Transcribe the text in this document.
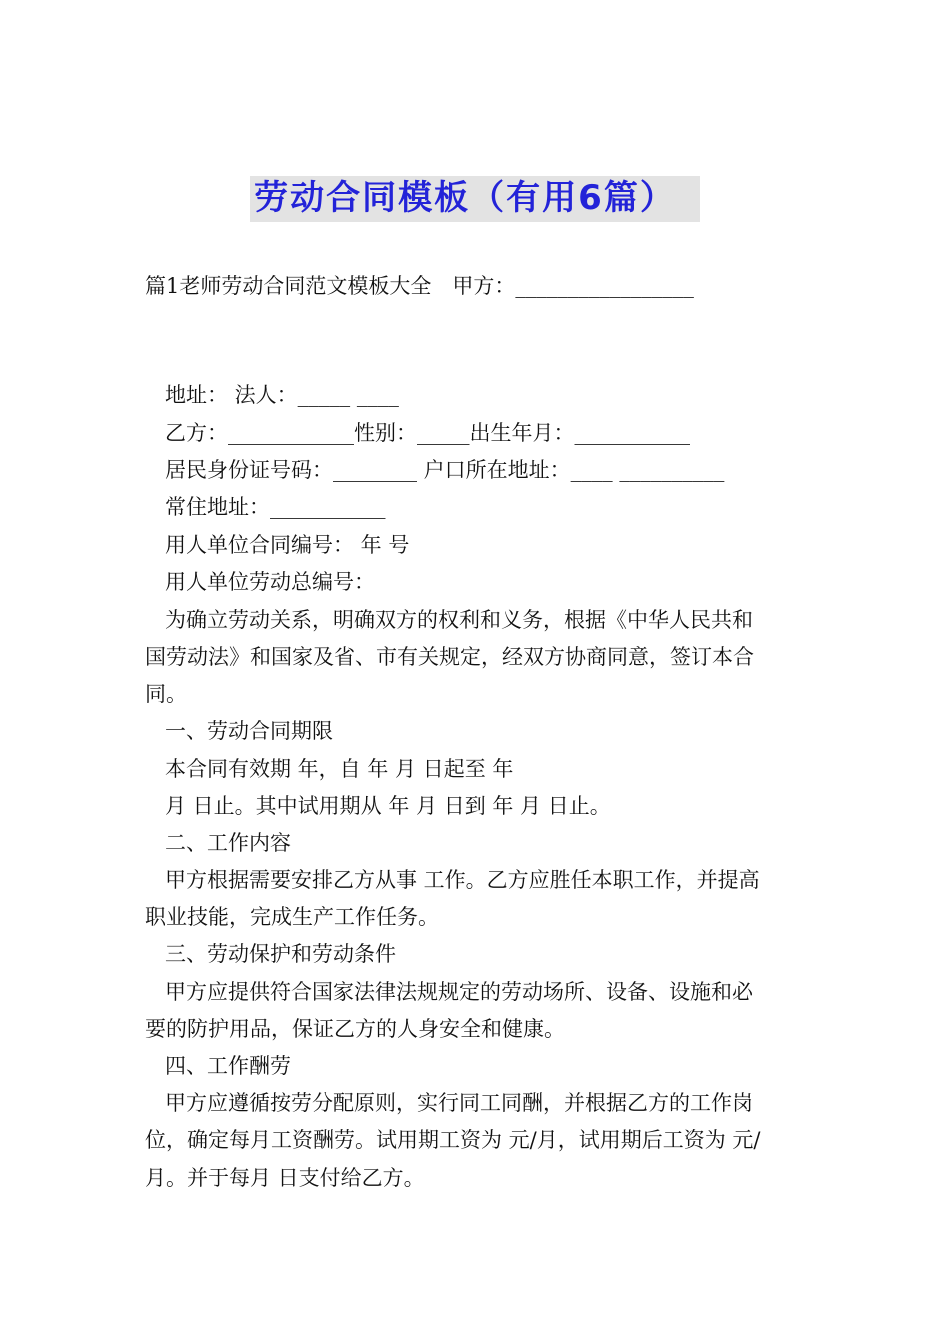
劳动合同模板（有用6篇）
篇1老师劳动合同范文模板大全　甲方：_________________
地址： 法人：_____ ____
乙方：____________性别：_____出生年月：___________
居民身份证号码：________ 户口所在地址：____ __________
常住地址：___________
用人单位合同编号： 年 号
用人单位劳动总编号：
为确立劳动关系，明确双方的权利和义务，根据《中华人民共和
国劳动法》和国家及省、市有关规定，经双方协商同意，签订本合
同。
一、劳动合同期限
本合同有效期 年，自 年 月 日起至 年
月 日止。其中试用期从 年 月 日到 年 月 日止。
二、工作内容
甲方根据需要安排乙方从事 工作。乙方应胜任本职工作，并提高
职业技能，完成生产工作任务。
三、劳动保护和劳动条件
甲方应提供符合国家法律法规规定的劳动场所、设备、设施和必
要的防护用品，保证乙方的人身安全和健康。
四、工作酬劳
甲方应遵循按劳分配原则，实行同工同酬，并根据乙方的工作岗
位，确定每月工资酬劳。试用期工资为 元/月，试用期后工资为 元/
月。并于每月 日支付给乙方。
